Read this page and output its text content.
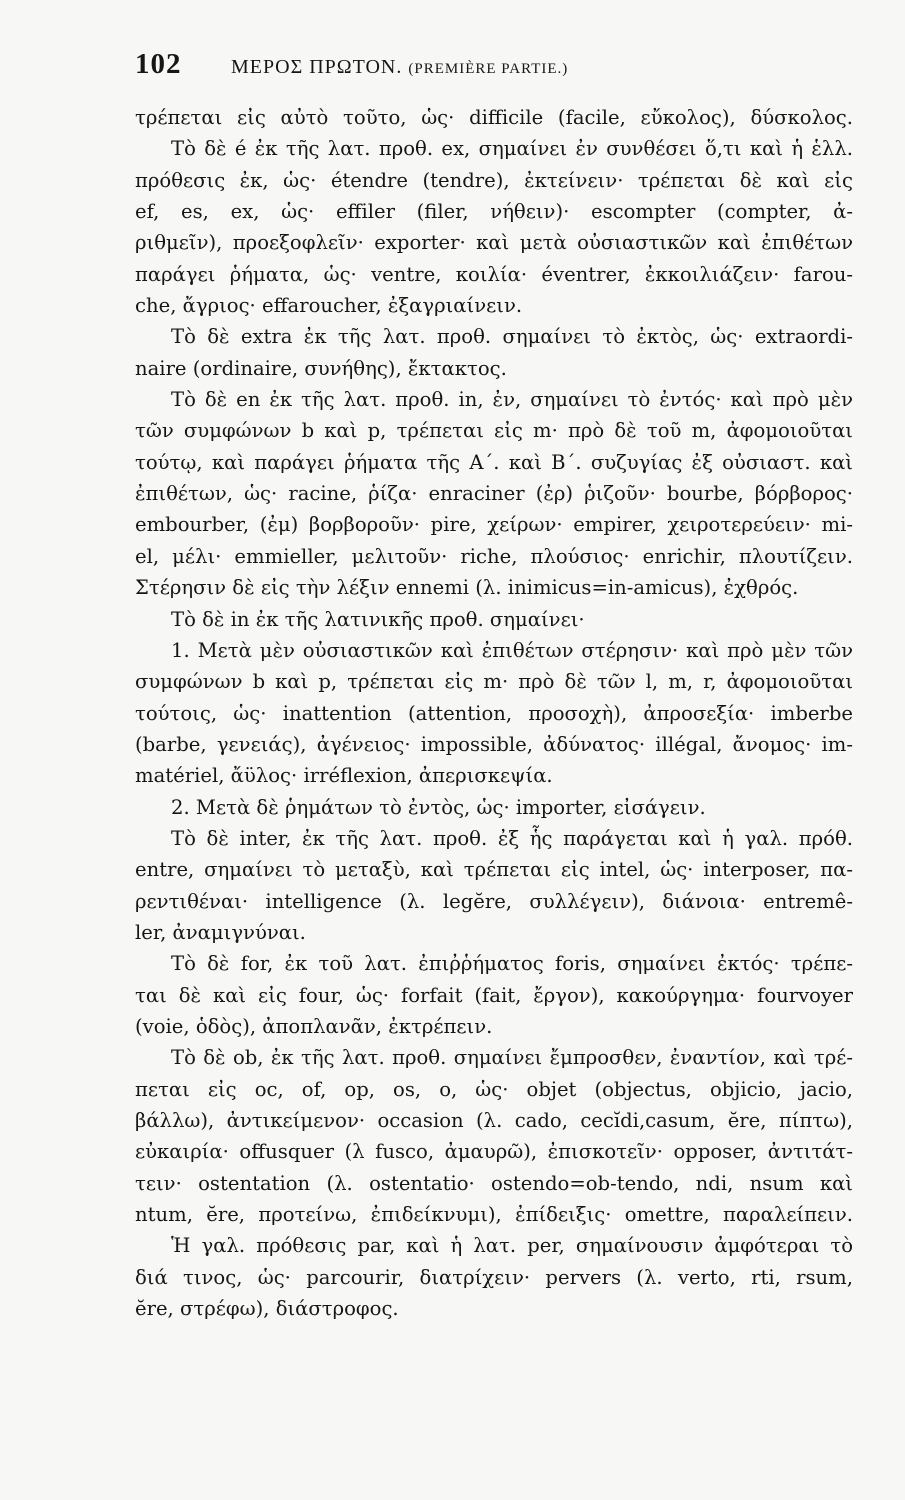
102	ΜΕΡΟΣ ΠΡΩΤΟΝ. (PREMIÈRE PARTIE.)
τρέπεται εἰς αὐτὸ τοῦτο, ὡς· difficile (facile, εὔκολος), δύσκολος.
Τὸ δὲ é ἐκ τῆς λατ. προθ. ex, σημαίνει ἐν συνθέσει ὅ,τι καὶ ἡ ἑλλ.
πρόθεσις ἐκ, ὡς· étendre (tendre), ἐκτείνειν· τρέπεται δὲ καὶ εἰς
ef, es, ex, ὡς· effiler (filer, νήθειν)· escompter (compter, ἀ-
ριθμεῖν), προεξοφλεῖν· exporter· καὶ μετὰ οὐσιαστικῶν καὶ ἐπιθέτων
παράγει ῥήματα, ὡς· ventre, κοιλία· éventrer, ἐκκοιλιάζειν· farou-
che, ἄγριος· effaroucher, ἐξαγριαίνειν.
Τὸ δὲ extra ἐκ τῆς λατ. προθ. σημαίνει τὸ ἐκτὸς, ὡς· extraordi-
naire (ordinaire, συνήθης), ἔκτακτος.
Τὸ δὲ en ἐκ τῆς λατ. προθ. in, ἐν, σημαίνει τὸ ἐντός· καὶ πρὸ μὲν
τῶν συμφώνων b καὶ p, τρέπεται εἰς m· πρὸ δὲ τοῦ m, ἀφομοιοῦται
τούτῳ, καὶ παράγει ῥήματα τῆς Α΄. καὶ Β΄. συζυγίας ἐξ οὐσιαστ. καὶ
ἐπιθέτων, ὡς· racine, ῥίζα· enraciner (ἐρ) ῥιζοῦν· bourbe, βόρβορος·
embourber, (ἐμ) βορβοροῦν· pire, χείρων· empirer, χειροτερεύειν· mi-
el, μέλι· emmieller, μελιτοῦν· riche, πλούσιος· enrichir, πλουτίζειν.
Στέρησιν δὲ εἰς τὴν λέξιν ennemi (λ. inimicus=in-amicus), ἐχθρός.
Τὸ δὲ in ἐκ τῆς λατινικῆς προθ. σημαίνει·
1. Μετὰ μὲν οὐσιαστικῶν καὶ ἐπιθέτων στέρησιν· καὶ πρὸ μὲν τῶν
συμφώνων b καὶ p, τρέπεται εἰς m· πρὸ δὲ τῶν l, m, r, ἀφομοιοῦται
τούτοις, ὡς· inattention (attention, προσοχὴ), ἀπροσεξία· imberbe
(barbe, γενειάς), ἀγένειος· impossible, ἀδύνατος· illégal, ἄνομος· im-
matériel, ἄϋλος· irréflexion, ἀπερισκεψία.
2. Μετὰ δὲ ῥημάτων τὸ ἐντὸς, ὡς· importer, εἰσάγειν.
Τὸ δὲ inter, ἐκ τῆς λατ. προθ. ἐξ ἧς παράγεται καὶ ἡ γαλ. πρόθ.
entre, σημαίνει τὸ μεταξὺ, καὶ τρέπεται εἰς intel, ὡς· interposer, πα-
ρεντιθέναι· intelligence (λ. legĕre, συλλέγειν), διάνοια· entremê-
ler, ἀναμιγνύναι.
Τὸ δὲ for, ἐκ τοῦ λατ. ἐπιῤῥήματος foris, σημαίνει ἐκτός· τρέπε-
ται δὲ καὶ εἰς four, ὡς· forfait (fait, ἔργον), κακούργημα· fourvoyer
(voie, ὁδὸς), ἀποπλανᾶν, ἐκτρέπειν.
Τὸ δὲ ob, ἐκ τῆς λατ. προθ. σημαίνει ἔμπροσθεν, ἐναντίον, καὶ τρέ-
πεται εἰς oc, of, op, os, o, ὡς· objet (objectus, objicio, jacio,
βάλλω), ἀντικείμενον· occasion (λ. cado, cecĭdi,casum, ĕre, πίπτω),
εὐκαιρία· offusquer (λ fusco, ἀμαυρῶ), ἐπισκοτεῖν· opposer, ἀντιτάτ-
τειν· ostentation (λ. ostentatio· ostendo=ob-tendo, ndi, nsum καὶ
ntum, ĕre, προτείνω, ἐπιδείκνυμι), ἐπίδειξις· omettre, παραλείπειν.
Ἡ γαλ. πρόθεσις par, καὶ ἡ λατ. per, σημαίνουσιν ἀμφότεραι τὸ
διά τινος, ὡς· parcourir, διατρίχειν· pervers (λ. verto, rti, rsum,
ĕre, στρέφω), διάστροφος.
